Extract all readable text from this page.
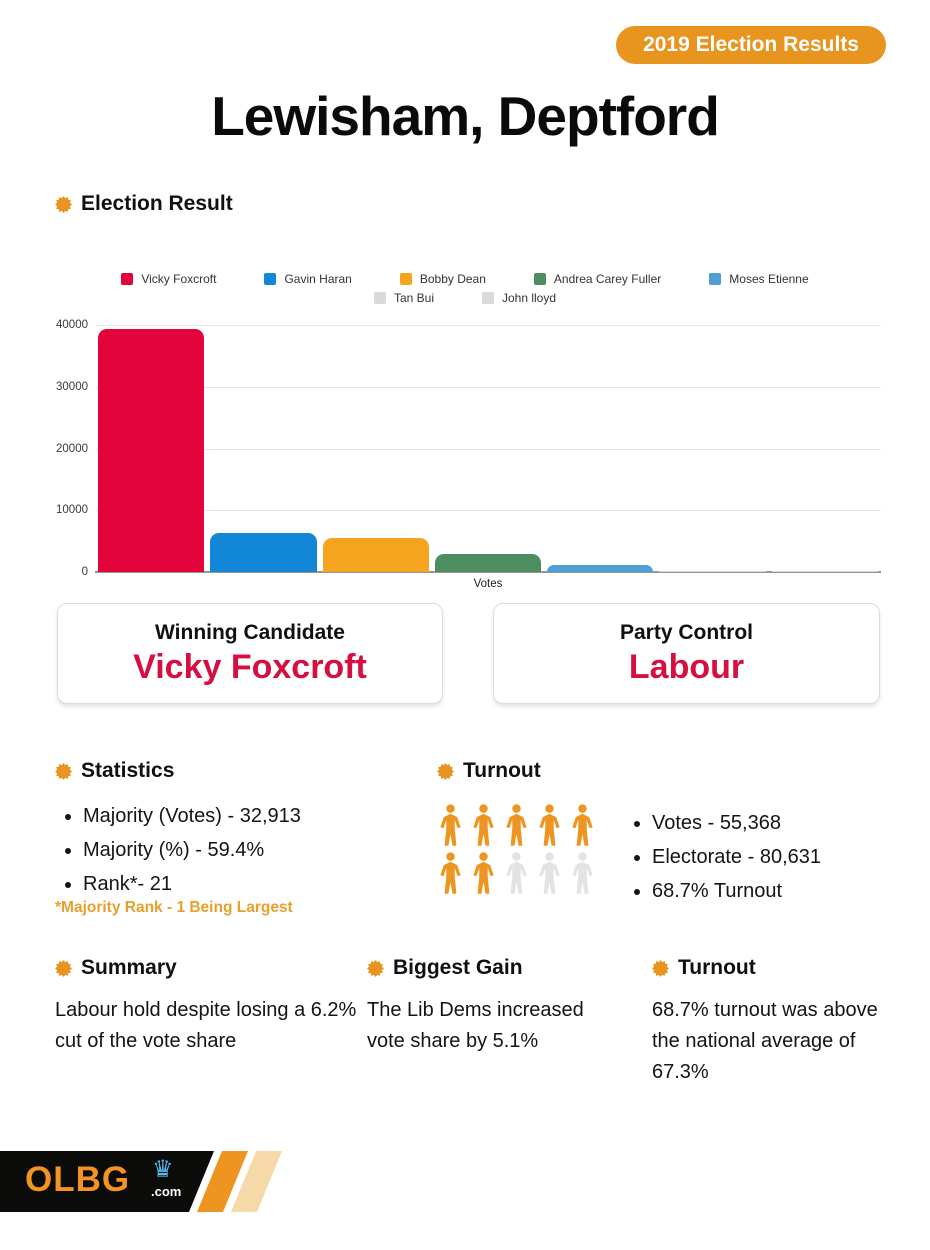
2019 Election Results
Lewisham, Deptford
Election Result
Vicky Foxcroft	Gavin Haran	Bobby Dean	Andrea Carey Fuller	Moses Etienne
Tan Bui	John lloyd
0
10000
20000
30000
40000
Votes
Winning Candidate
Vicky Foxcroft
Party Control
Labour
Statistics
• Majority (Votes) - 32,913
• Majority (%) - 59.4%
• Rank*- 21
*Majority Rank - 1 Being Largest
Turnout
• Votes - 55,368
• Electorate - 80,631
• 68.7% Turnout
Summary
Labour hold despite losing a 6.2% cut of the vote share
Biggest Gain
The Lib Dems increased vote share by 5.1%
Turnout
68.7% turnout was above the national average of 67.3%
OLBG ♛
.com
